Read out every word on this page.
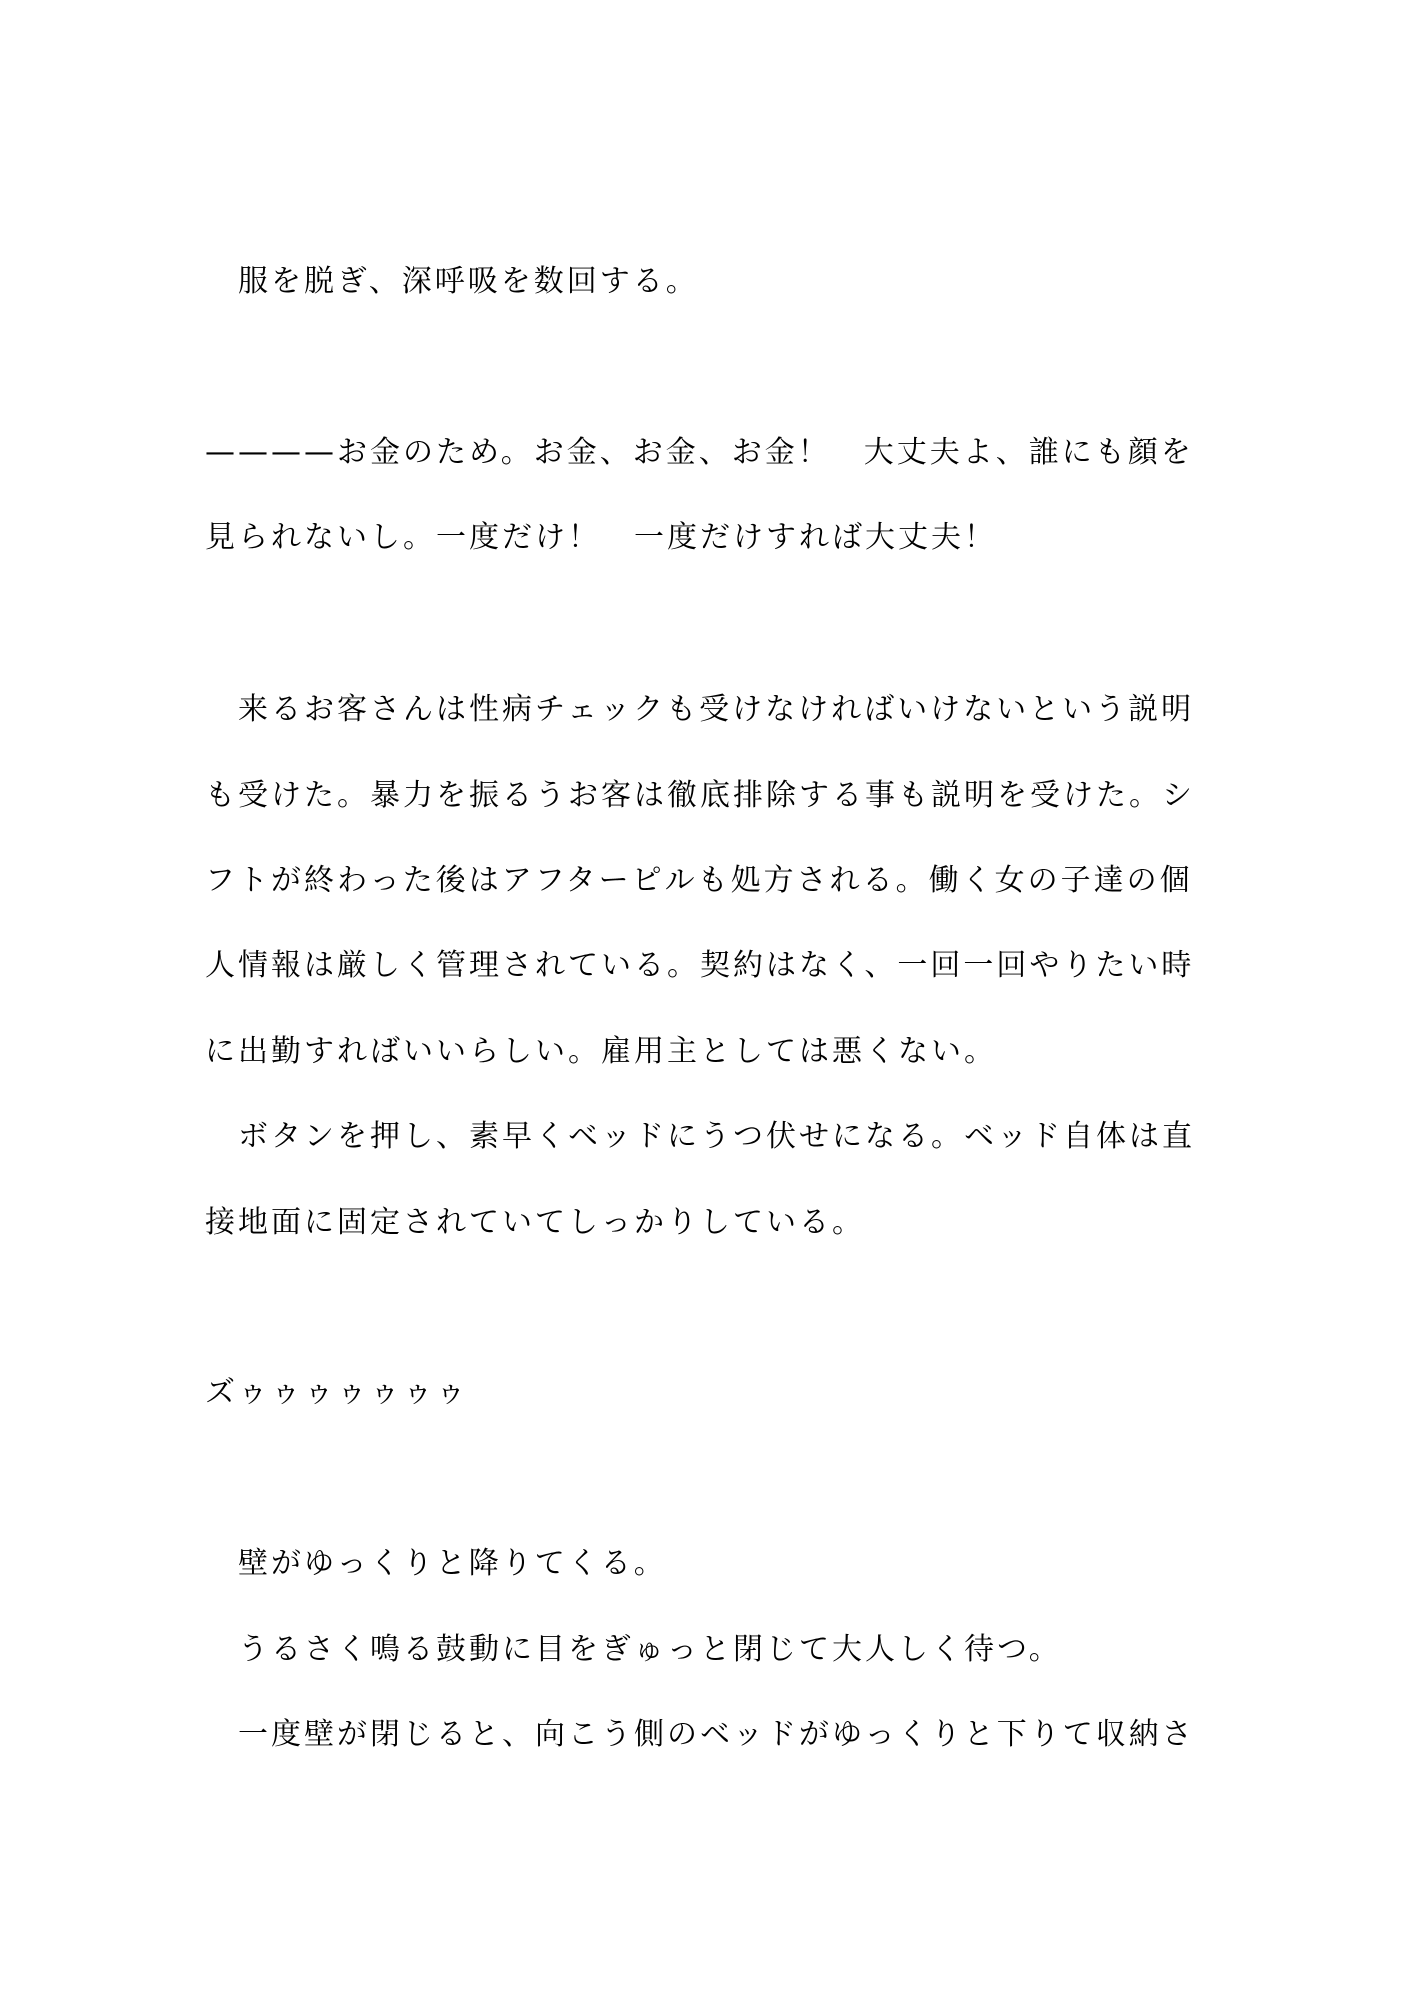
　服を脱ぎ、深呼吸を数回する。
————お金のため。お金、お金、お金！　大丈夫よ、誰にも顔を
見られないし。一度だけ！　一度だけすれば大丈夫！
　来るお客さんは性病チェックも受けなければいけないという説明
も受けた。暴力を振るうお客は徹底排除する事も説明を受けた。シ
フトが終わった後はアフターピルも処方される。働く女の子達の個
人情報は厳しく管理されている。契約はなく、一回一回やりたい時
に出勤すればいいらしい。雇用主としては悪くない。
　ボタンを押し、素早くベッドにうつ伏せになる。ベッド自体は直
接地面に固定されていてしっかりしている。
ズゥゥゥゥゥゥゥ
　壁がゆっくりと降りてくる。
　うるさく鳴る鼓動に目をぎゅっと閉じて大人しく待つ。
　一度壁が閉じると、向こう側のベッドがゆっくりと下りて収納さ
